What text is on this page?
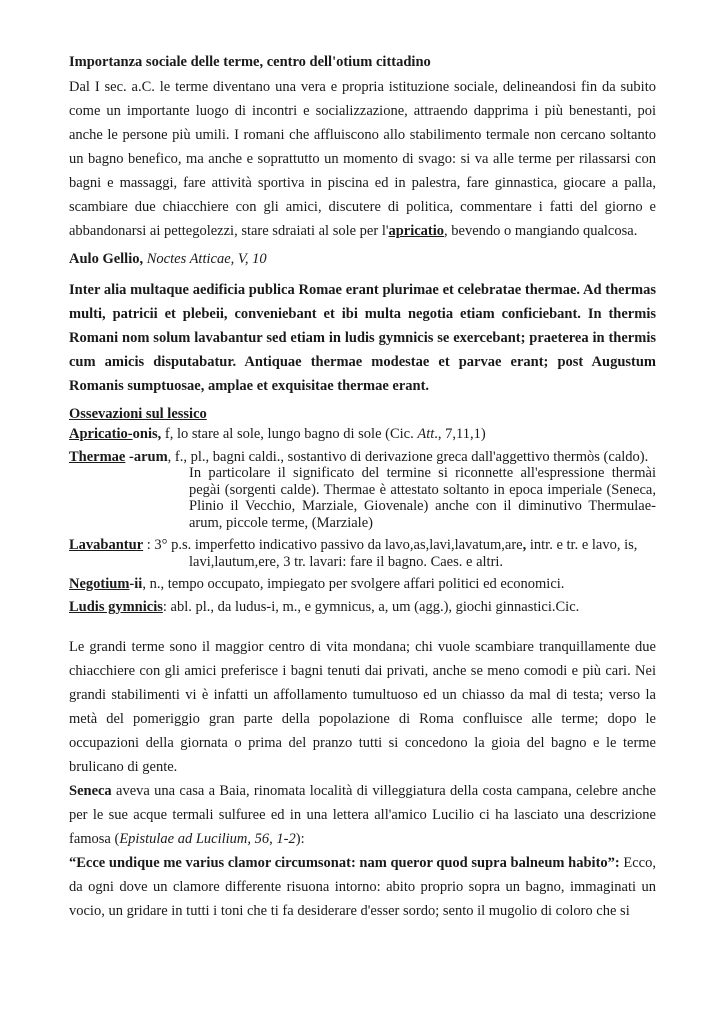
Importanza sociale delle terme, centro dell'otium cittadino

Dal I sec. a.C. le terme diventano una vera e propria istituzione sociale, delineandosi fin da subito come un importante luogo di incontri e socializzazione, attraendo dapprima i più benestanti, poi anche le persone più umili. I romani che affluiscono allo stabilimento termale non cercano soltanto un bagno benefico, ma anche e soprattutto un momento di svago: si va alle terme per rilassarsi con bagni e massaggi, fare attività sportiva in piscina ed in palestra, fare ginnastica, giocare a palla, scambiare due chiacchiere con gli amici, discutere di politica, commentare i fatti del giorno e abbandonarsi ai pettegolezzi, stare sdraiati al sole per l'apricatio, bevendo o mangiando qualcosa.

Aulo Gellio, Noctes Atticae, V, 10

Inter alia multaque aedificia publica Romae erant plurimae et celebratae thermae. Ad thermas multi, patricii et plebeii, conveniebant et ibi multa negotia etiam conficiebant. In thermis Romani nom solum lavabantur sed etiam in ludis gymnicis se exercebant; praeterea in thermis cum amicis disputabatur. Antiquae thermae modestae et parvae erant; post Augustum Romanis sumptuosae, amplae et exquisitae thermae erant.

Ossevazioni sul lessico

Apricatio-onis, f, lo stare al sole, lungo bagno di sole (Cic. Att., 7,11,1)
Thermae -arum, f., pl., bagni caldi., sostantivo di derivazione greca dall'aggettivo thermòs (caldo).
In particolare il significato del termine si riconnette all'espressione thermài pegài (sorgenti calde). Thermae è attestato soltanto in epoca imperiale (Seneca, Plinio il Vecchio, Marziale, Giovenale) anche con il diminutivo Thermulae-arum, piccole terme, (Marziale)
Lavabantur : 3° p.s. imperfetto indicativo passivo da lavo,as,lavi,lavatum,are, intr. e tr. e lavo, is,
lavi,lautum,ere, 3 tr. lavari: fare il bagno. Caes. e altri.
Negotium-ii, n., tempo occupato, impiegato per svolgere affari politici ed economici.
Ludis gymnicis: abl. pl., da ludus-i, m., e gymnicus, a, um (agg.), giochi ginnastici.Cic.

Le grandi terme sono il maggior centro di vita mondana; chi vuole scambiare tranquillamente due chiacchiere con gli amici preferisce i bagni tenuti dai privati, anche se meno comodi e più cari. Nei grandi stabilimenti vi è infatti un affollamento tumultuoso ed un chiasso da mal di testa; verso la metà del pomeriggio gran parte della popolazione di Roma confluisce alle terme; dopo le occupazioni della giornata o prima del pranzo tutti si concedono la gioia del bagno e le terme brulicano di gente.

Seneca aveva una casa a Baia, rinomata località di villeggiatura della costa campana, celebre anche per le sue acque termali sulfuree ed in una lettera all'amico Lucilio ci ha lasciato una descrizione famosa (Epistulae ad Lucilium, 56, 1-2):

“Ecce undique me varius clamor circumsonat: nam queror quod supra balneum habito”: Ecco, da ogni dove un clamore differente risuona intorno: abito proprio sopra un bagno, immaginati un vocio, un gridare in tutti i toni che ti fa desiderare d'esser sordo; sento il mugolio di coloro che si
